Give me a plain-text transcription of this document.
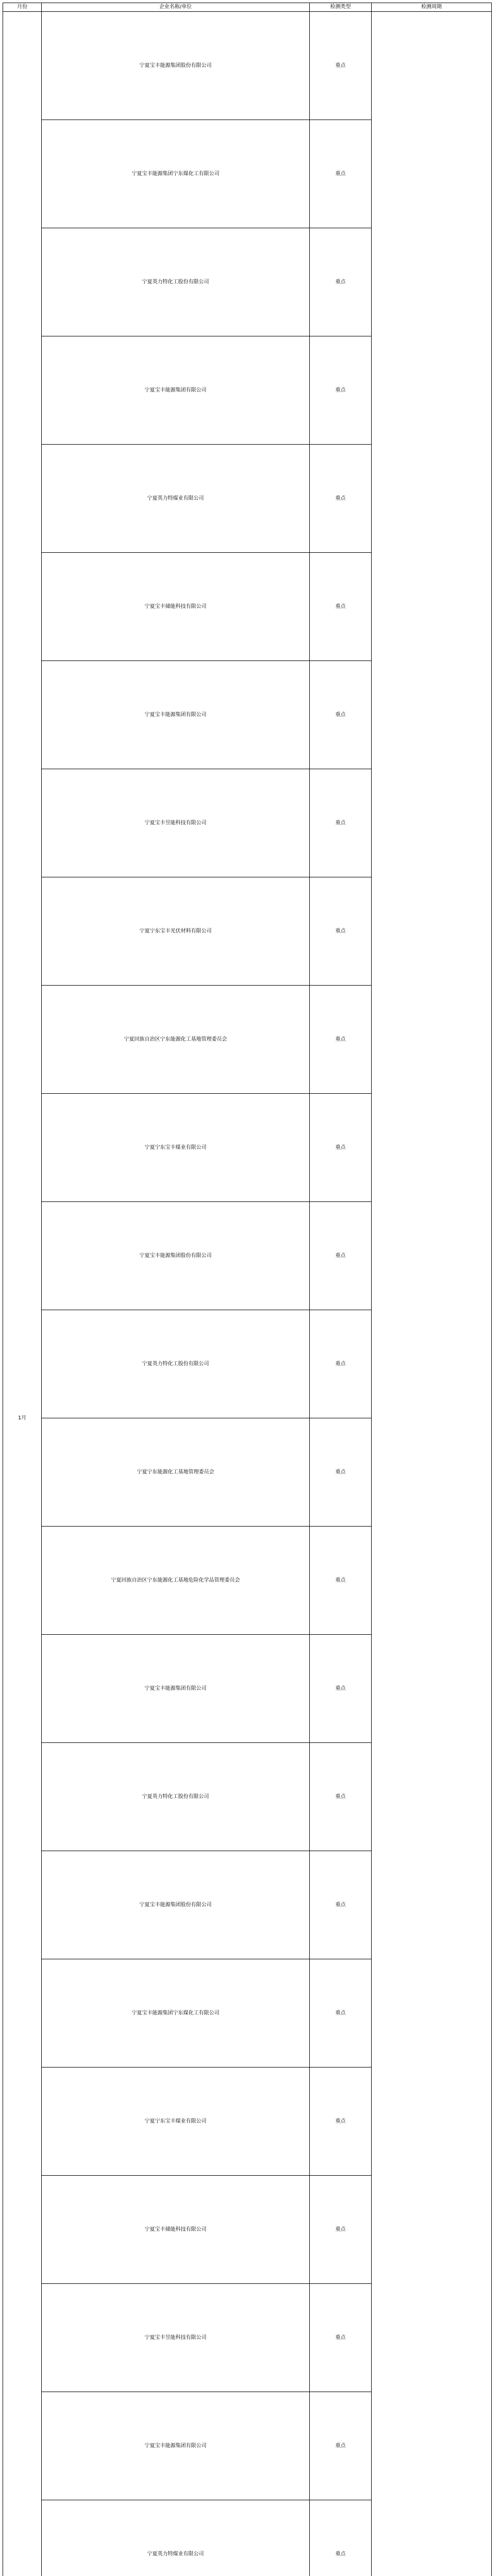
月份	企业名称/单位	检测类型	检测周期
1月	宁夏宝丰能源集团股份有限公司	重点	
	宁夏宝丰能源集团宁东煤化工有限公司	重点	
	宁夏英力特化工股份有限公司	重点	
	宁夏宝丰能源集团有限公司	重点	
	宁夏英力特煤业有限公司	重点	
	宁夏宝丰储能科技有限公司	重点	
	宁夏宝丰能源集团有限公司	重点	
	宁夏宝丰昱能科技有限公司	重点	
	宁夏宁东宝丰光伏材料有限公司	重点	
	宁夏回族自治区宁东能源化工基地管理委员会	重点	
	宁夏宁东宝丰煤业有限公司	重点	
	宁夏宝丰能源集团股份有限公司	重点	
	宁夏英力特化工股份有限公司	重点	
	宁夏宁东能源化工基地管理委员会	重点	
	宁夏回族自治区宁东能源化工基地危险化学品管理委员会	重点	
	宁夏宝丰能源集团有限公司	重点	
	宁夏英力特化工股份有限公司	重点	
	宁夏宝丰能源集团股份有限公司	重点	
	宁夏宝丰能源集团宁东煤化工有限公司	重点	
	宁夏宁东宝丰煤业有限公司	重点	
	宁夏宝丰储能科技有限公司	重点	
	宁夏宝丰昱能科技有限公司	重点	
	宁夏宝丰能源集团有限公司	重点	
	宁夏英力特煤业有限公司	重点	
